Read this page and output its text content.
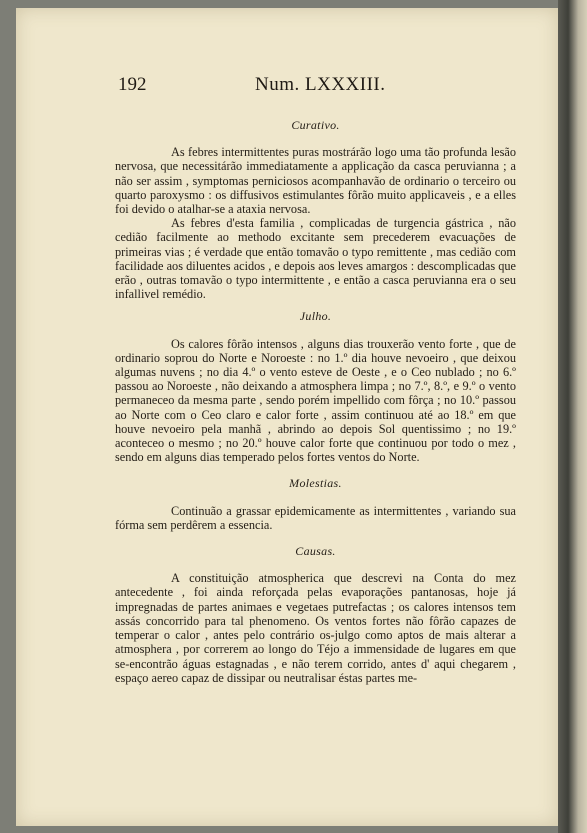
192	Num. LXXXIII.
Curativo.

As febres intermittentes puras mostrárão logo uma tão profunda lesão nervosa, que necessitárão immediatamente a applicação da casca peruvianna ; a não ser assim , symptomas perniciosos acompanhavão de ordinario o terceiro ou quarto paroxysmo : os diffusivos estimulantes fôrão muito applicaveis , e a elles foi devido o atalhar-se a ataxia nervosa.

As febres d'esta familia , complicadas de turgencia gástrica , não cedião facilmente ao methodo excitante sem precederem evacuações de primeiras vias ; é verdade que então tomavão o typo remittente , mas cedião com facilidade aos diluentes acidos , e depois aos leves amargos : descomplicadas que erão , outras tomavão o typo intermittente , e então a casca peruvianna era o seu infallivel remédio.

Julho.

Os calores fôrão intensos , alguns dias trouxerão vento forte , que de ordinario soprou do Norte e Noroeste : no 1.º dia houve nevoeiro , que deixou algumas nuvens ; no dia 4.º o vento esteve de Oeste , e o Ceo nublado ; no 6.º passou ao Noroeste , não deixando a atmosphera limpa ; no 7.º, 8.º, e 9.º o vento permaneceo da mesma parte , sendo porém impellido com fôrça ; no 10.º passou ao Norte com o Ceo claro e calor forte , assim continuou até ao 18.º em que houve nevoeiro pela manhã , abrindo ao depois Sol quentissimo ; no 19.º aconteceo o mesmo ; no 20.º houve calor forte que continuou por todo o mez , sendo em alguns dias temperado pelos fortes ventos do Norte.

Molestias.

Continuão a grassar epidemicamente as intermittentes , variando sua fórma sem perdêrem a essencia.

Causas.

A constituição atmospherica que descrevi na Conta do mez antecedente , foi ainda reforçada pelas evaporações pantanosas, hoje já impregnadas de partes animaes e vegetaes putrefactas ; os calores intensos tem assás concorrido para tal phenomeno. Os ventos fortes não fôrão capazes de temperar o calor , antes pelo contrário os-julgo como aptos de mais alterar a atmosphera , por correrem ao longo do Téjo a immensidade de lugares em que se-encontrão águas estagnadas , e não terem corrido, antes d' aqui chegarem , espaço aereo capaz de dissipar ou neutralisar éstas partes me-
